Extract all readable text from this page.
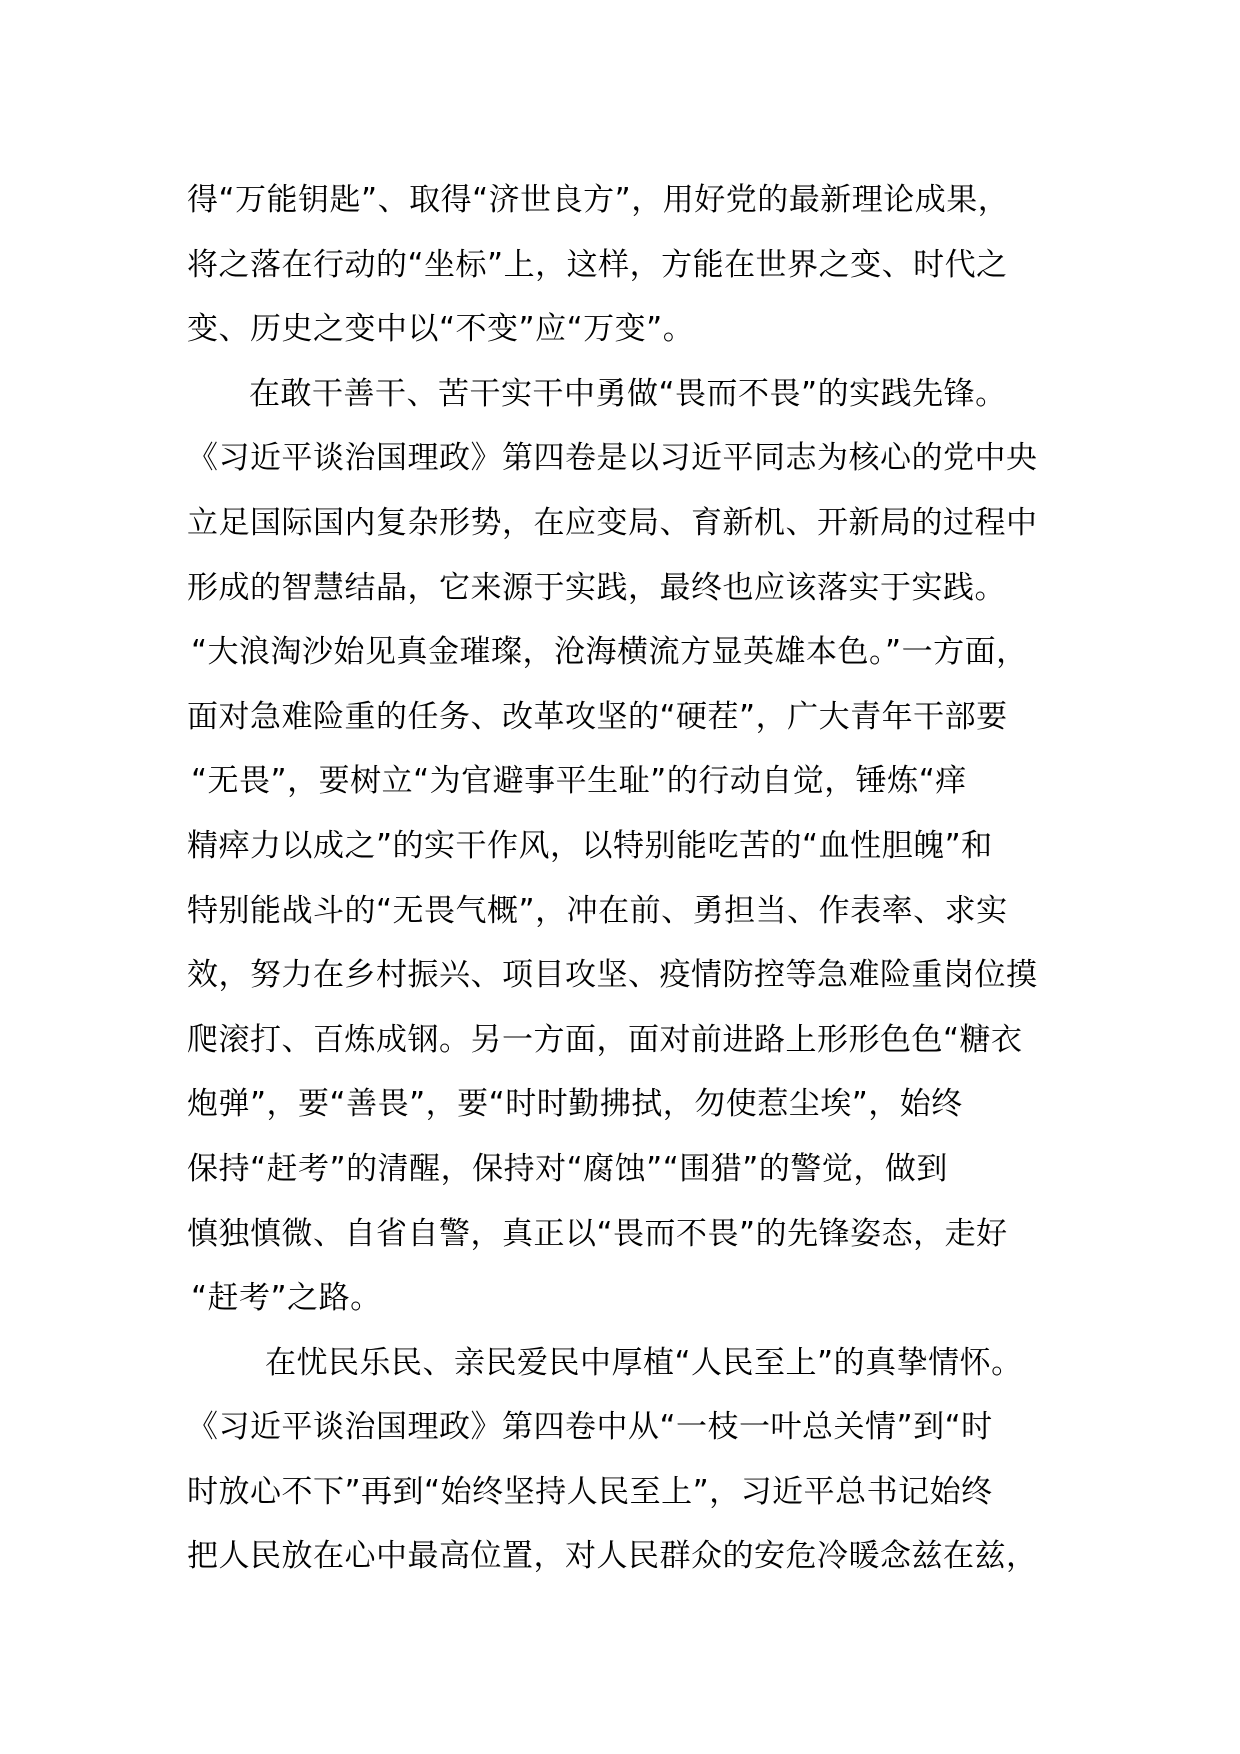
得“万能钥匙”、取得“济世良方”，用好党的最新理论成果，
将之落在行动的“坐标”上，这样，方能在世界之变、时代之
变、历史之变中以“不变”应“万变”。
在敢干善干、苦干实干中勇做“畏而不畏”的实践先锋。
《习近平谈治国理政》第四卷是以习近平同志为核心的党中央
立足国际国内复杂形势，在应变局、育新机、开新局的过程中
形成的智慧结晶，它来源于实践，最终也应该落实于实践。
“大浪淘沙始见真金璀璨，沧海横流方显英雄本色。”一方面，
面对急难险重的任务、改革攻坚的“硬茬”，广大青年干部要
“无畏”，要树立“为官避事平生耻”的行动自觉，锤炼“痒
精瘁力以成之”的实干作风，以特别能吃苦的“血性胆魄”和
特别能战斗的“无畏气概”，冲在前、勇担当、作表率、求实
效，努力在乡村振兴、项目攻坚、疫情防控等急难险重岗位摸
爬滚打、百炼成钢。另一方面，面对前进路上形形色色“糖衣
炮弹”，要“善畏”，要“时时勤拂拭，勿使惹尘埃”，始终
保持“赶考”的清醒，保持对“腐蚀”“围猎”的警觉，做到
慎独慎微、自省自警，真正以“畏而不畏”的先锋姿态，走好
“赶考”之路。
在忧民乐民、亲民爱民中厚植“人民至上”的真挚情怀。
《习近平谈治国理政》第四卷中从“一枝一叶总关情”到“时
时放心不下”再到“始终坚持人民至上”，习近平总书记始终
把人民放在心中最高位置，对人民群众的安危冷暖念兹在兹，
